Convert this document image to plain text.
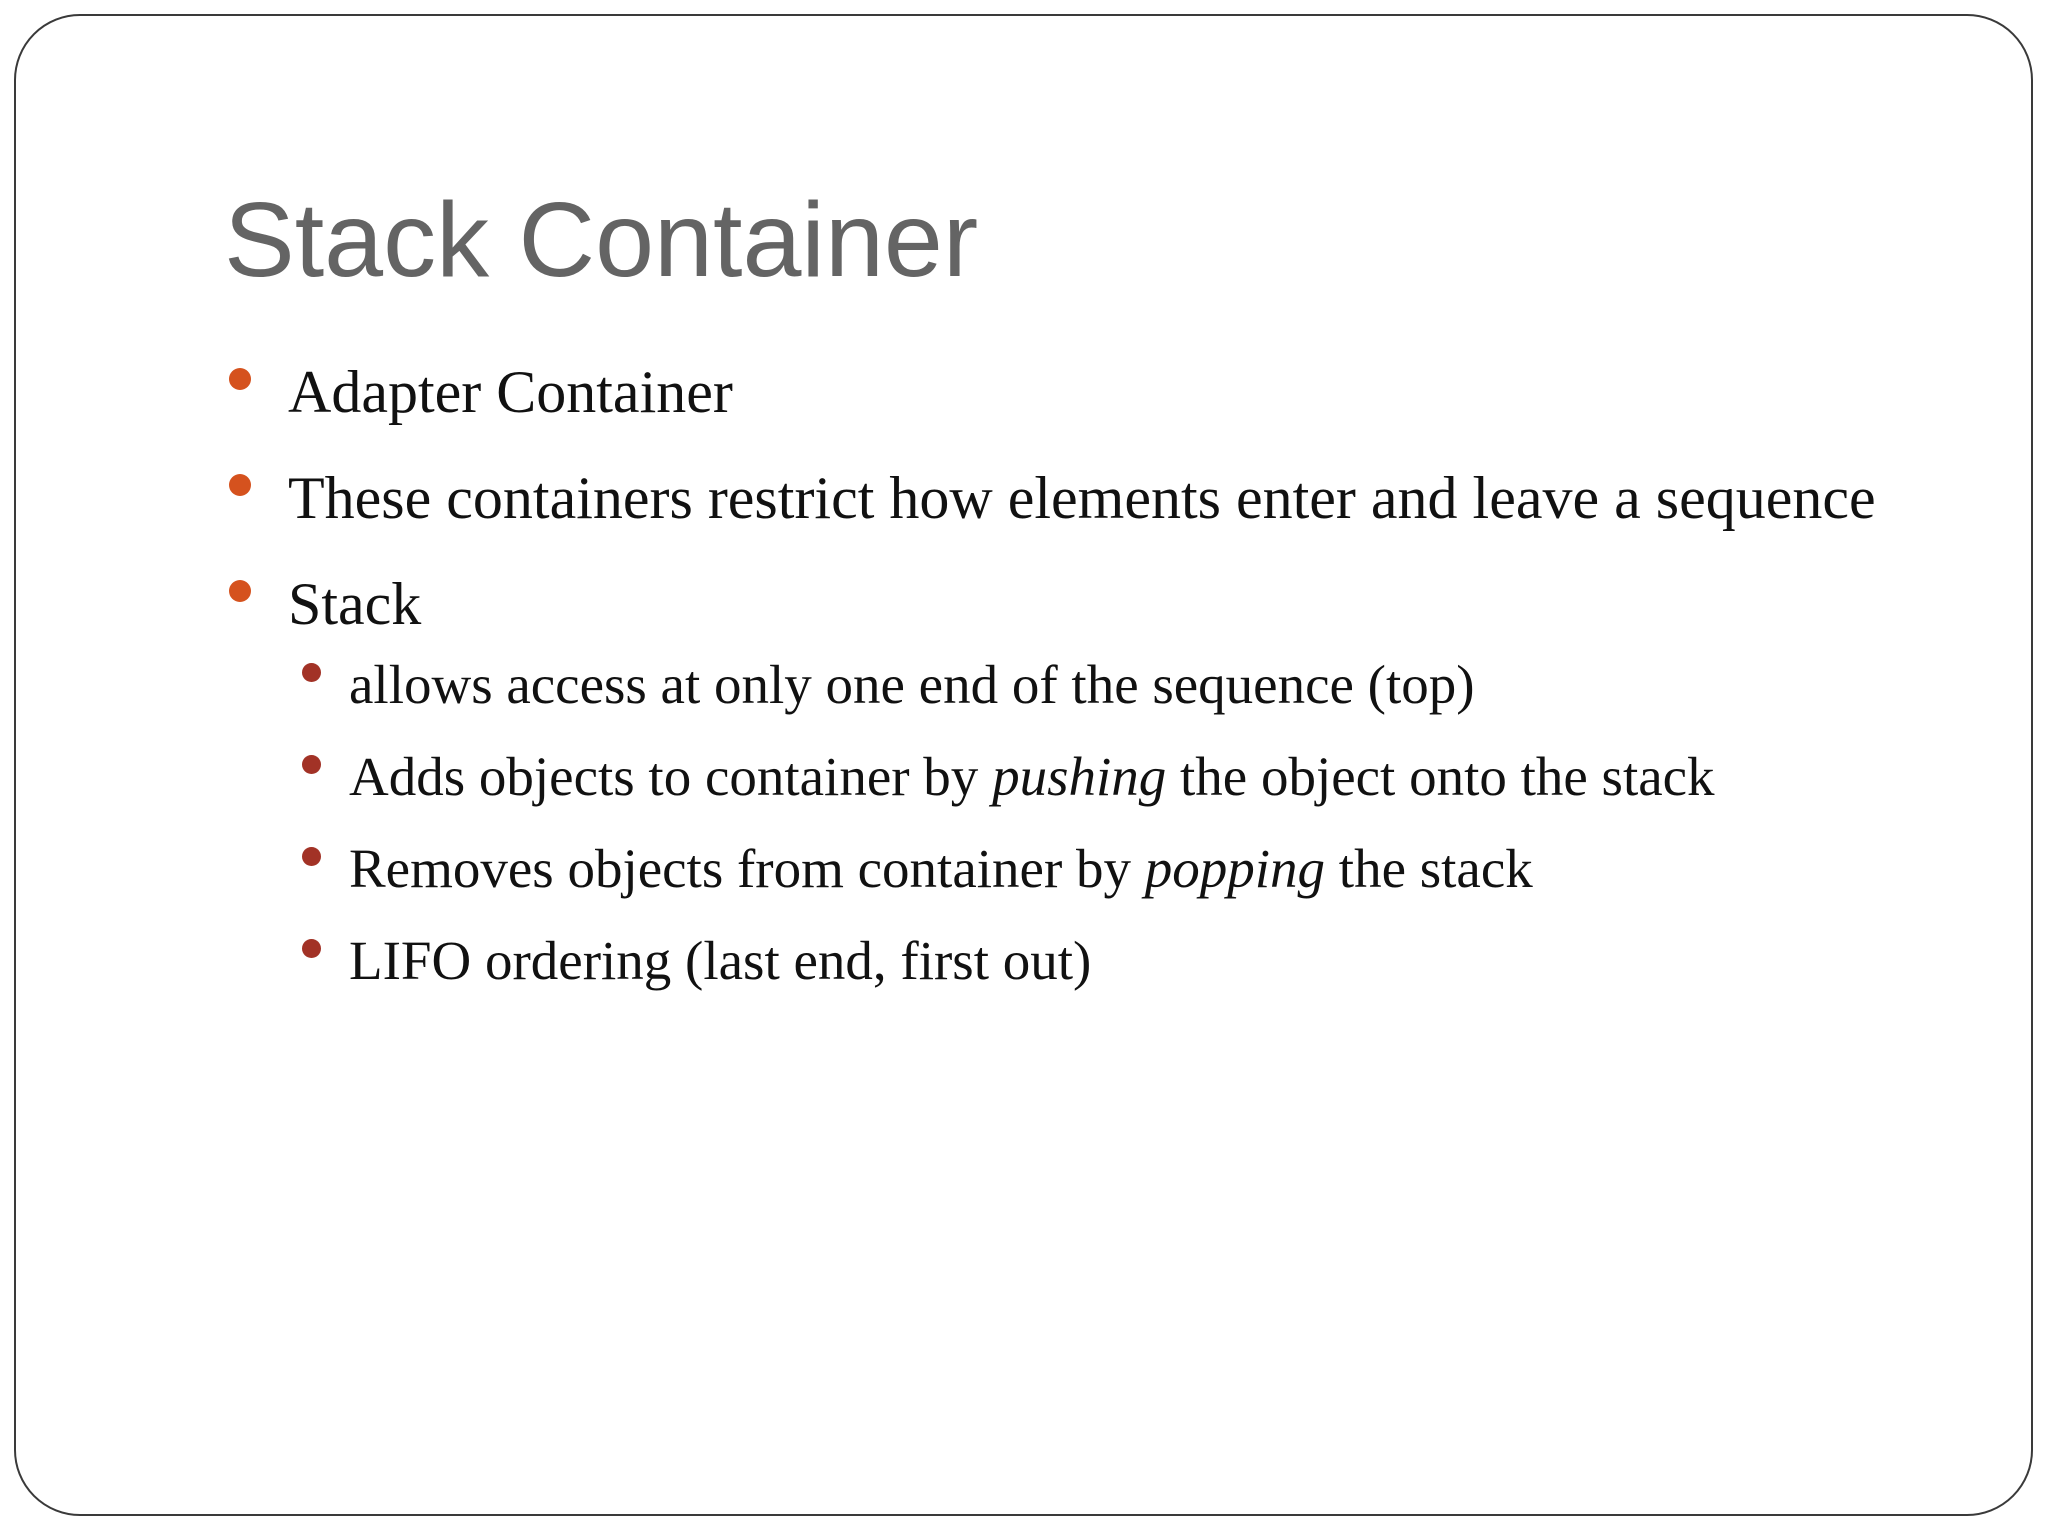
Stack Container
Adapter Container
These containers restrict how elements enter and leave a sequence
Stack
allows access at only one end of the sequence (top)
Adds objects to container by pushing the object onto the stack
Removes objects from container by popping the stack
LIFO ordering (last end, first out)
